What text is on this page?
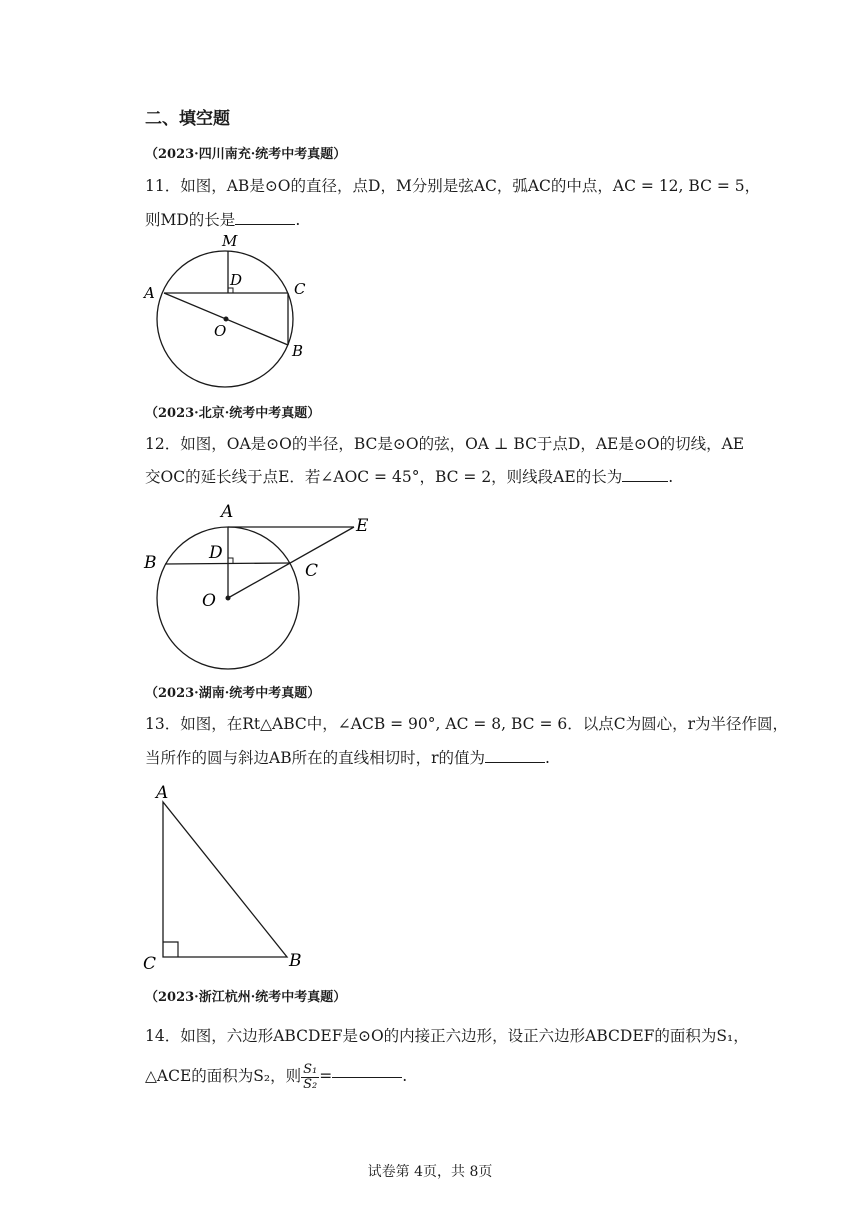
二、填空题
（2023·四川南充·统考中考真题）
11．如图，AB是⊙O的直径，点D，M分别是弦AC，弧AC的中点，AC = 12, BC = 5，
则MD的长是	.
M
D
A	C
O
B
（2023·北京·统考中考真题）
12．如图，OA是⊙O的半径，BC是⊙O的弦，OA ⊥ BC于点D，AE是⊙O的切线，AE
交OC的延长线于点E．若∠AOC = 45°，BC = 2，则线段AE的长为	.
A
E
B	D
C
O
（2023·湖南·统考中考真题）
13．如图，在Rt△ABC中，∠ACB = 90°, AC = 8, BC = 6．以点C为圆心，r为半径作圆，
当所作的圆与斜边AB所在的直线相切时，r的值为	.
A
C	B
（2023·浙江杭州·统考中考真题）
14．如图，六边形ABCDEF是⊙O的内接正六边形，设正六边形ABCDEF的面积为S₁，
△ACE的面积为S₂，则 $\frac{\text{S₁}}{\text{S₂}}$ =	.
试卷第 4页，共 8页
